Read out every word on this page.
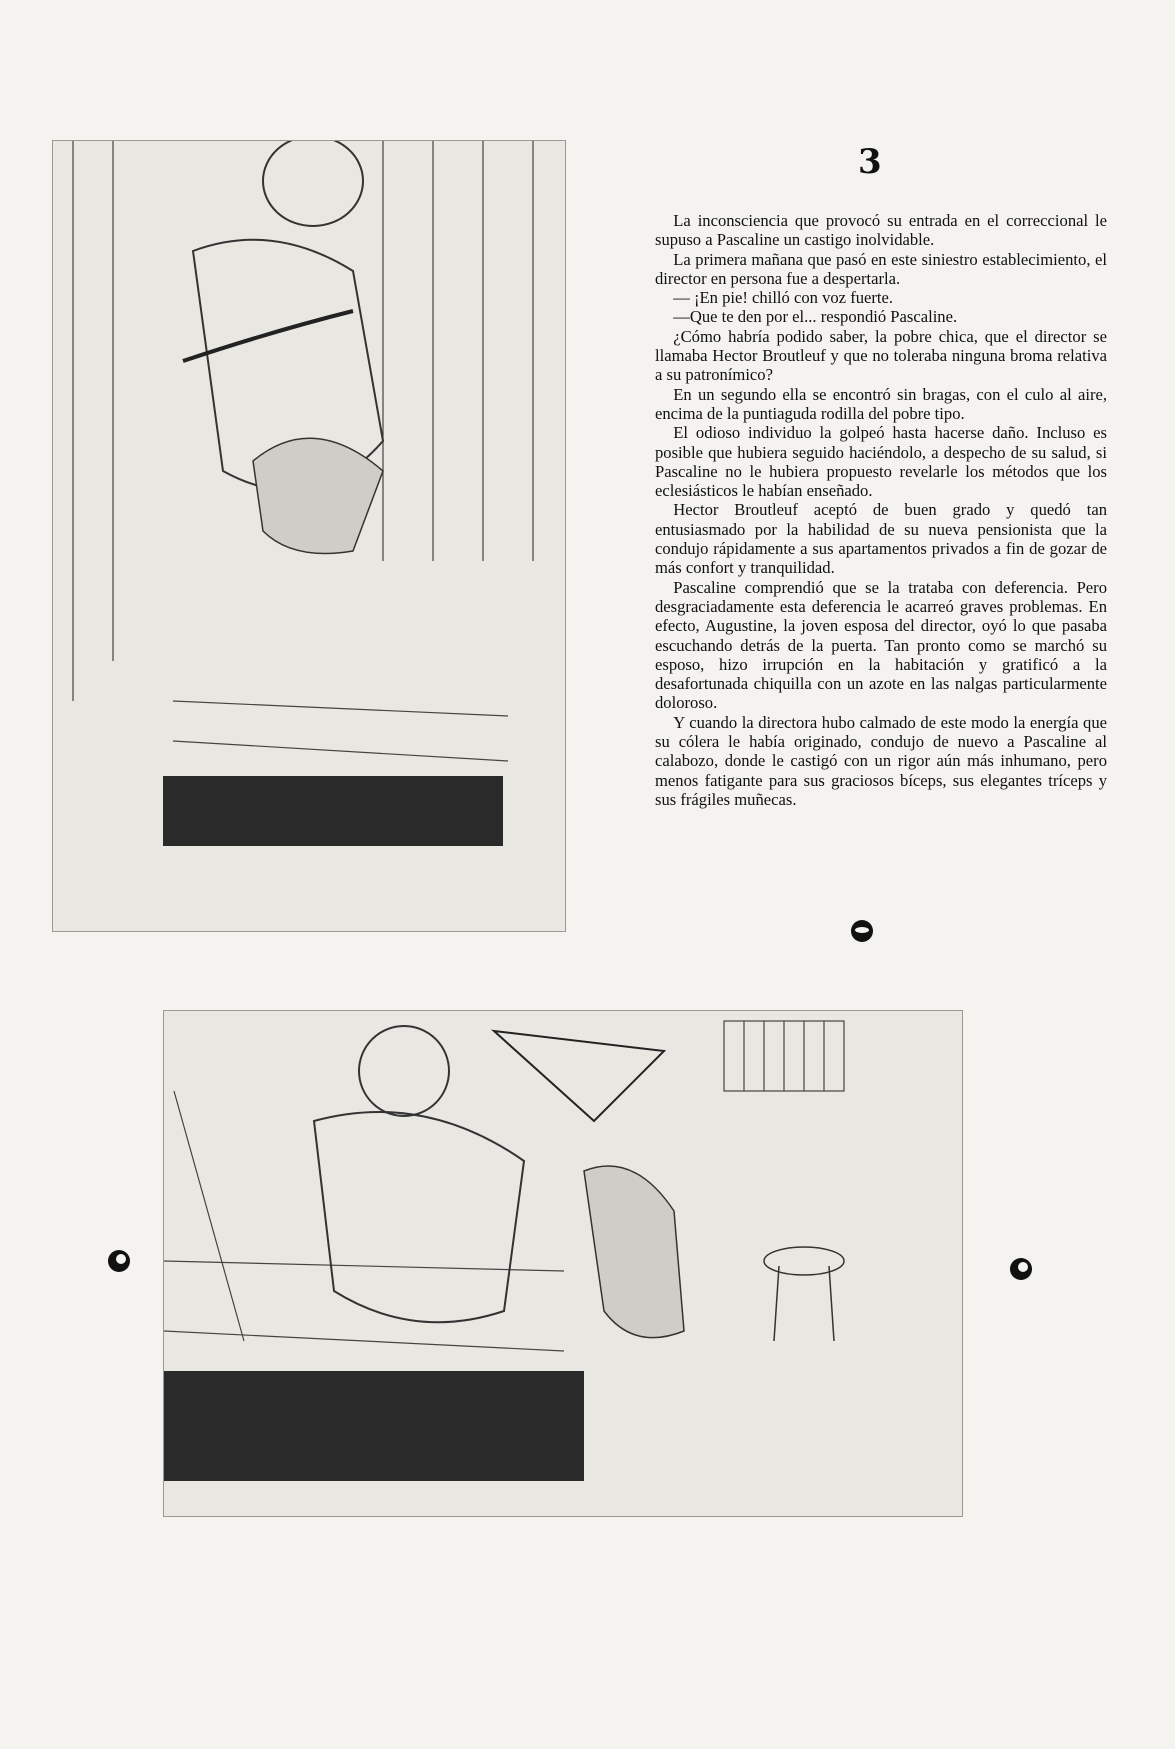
3

La inconsciencia que provocó su entrada en el correccional le supuso a Pascaline un castigo inolvidable.

La primera mañana que pasó en este siniestro establecimiento, el director en persona fue a despertarla.

— ¡En pie! chilló con voz fuerte.

—Que te den por el... respondió Pascaline.

¿Cómo habría podido saber, la pobre chica, que el director se llamaba Hector Broutleuf y que no toleraba ninguna broma relativa a su patronímico?

En un segundo ella se encontró sin bragas, con el culo al aire, encima de la puntiaguda rodilla del pobre tipo.

El odioso individuo la golpeó hasta hacerse daño. Incluso es posible que hubiera seguido haciéndolo, a despecho de su salud, si Pascaline no le hubiera propuesto revelarle los métodos que los eclesiásticos le habían enseñado.

Hector Broutleuf aceptó de buen grado y quedó tan entusiasmado por la habilidad de su nueva pensionista que la condujo rápidamente a sus apartamentos privados a fin de gozar de más confort y tranquilidad.

Pascaline comprendió que se la trataba con deferencia. Pero desgraciadamente esta deferencia le acarreó graves problemas. En efecto, Augustine, la joven esposa del director, oyó lo que pasaba escuchando detrás de la puerta. Tan pronto como se marchó su esposo, hizo irrupción en la habitación y gratificó a la desafortunada chiquilla con un azote en las nalgas particularmente doloroso.

Y cuando la directora hubo calmado de este modo la energía que su cólera le había originado, condujo de nuevo a Pascaline al calabozo, donde le castigó con un rigor aún más inhumano, pero menos fatigante para sus graciosos bíceps, sus elegantes tríceps y sus frágiles muñecas.
